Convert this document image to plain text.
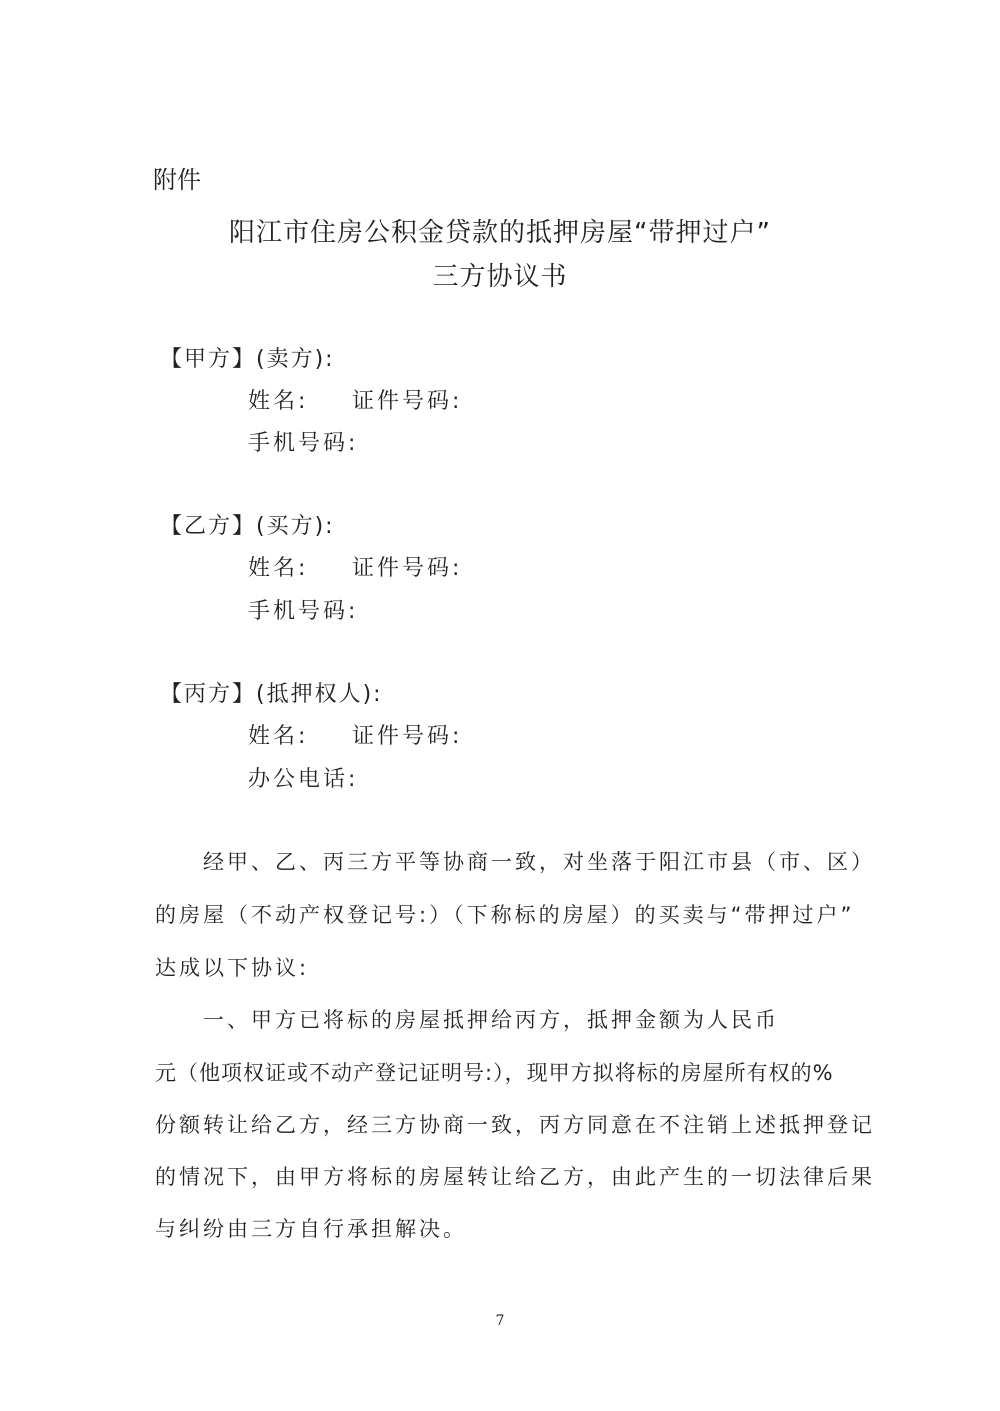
附件
阳江市住房公积金贷款的抵押房屋“带押过户”
三方协议书
【甲方】(卖方):
姓名: 证件号码:
手机号码:
【乙方】(买方):
姓名: 证件号码:
手机号码:
【丙方】(抵押权人):
姓名: 证件号码:
办公电话:
经甲、乙、丙三方平等协商一致，对坐落于阳江市县（市、区）
的房屋（不动产权登记号:）（下称标的房屋）的买卖与“带押过户”
达成以下协议:
一、甲方已将标的房屋抵押给丙方，抵押金额为人民币
元（他项权证或不动产登记证明号:），现甲方拟将标的房屋所有权的%
份额转让给乙方，经三方协商一致，丙方同意在不注销上述抵押登记
的情况下，由甲方将标的房屋转让给乙方，由此产生的一切法律后果
与纠纷由三方自行承担解决。
7
